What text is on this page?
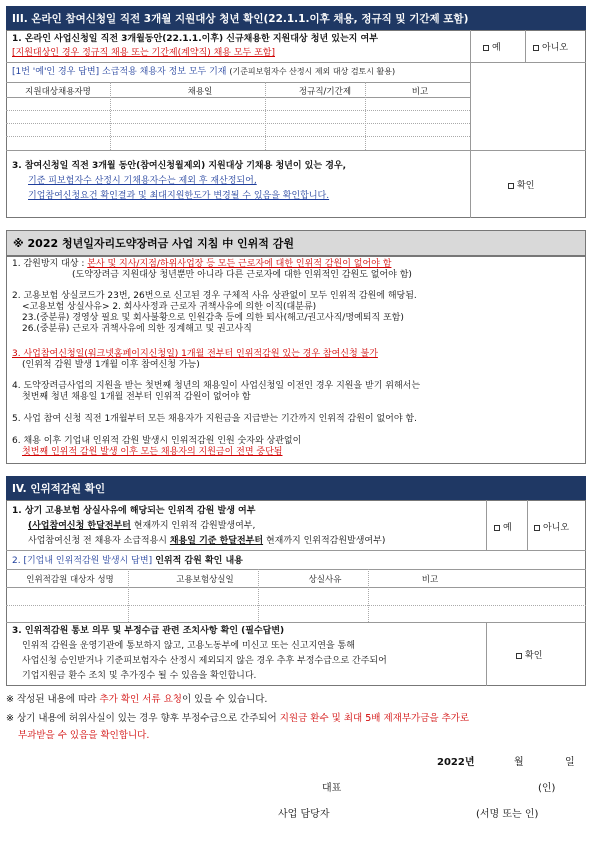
III. 온라인 참여신청일 직전 3개월 지원대상 청년 확인(22.1.1.이후 채용, 정규직 및 기간제 포함)
1. 온라인 사업신청일 직전 3개월동안(22.1.1.이후) 신규채용한 지원대상 청년 있는지 여부
[지원대상인 경우 정규직 채용 또는 기간제(계약직) 채용 모두 포함]	예	아니오
[1번 '예'인 경우 답변] 소급적용 채용자 정보 모두 기재 (기준피보험자수 산정시 제외 대상 검토시 활용)
지원대상채용자명	채용일	정규직/기간제	비고
3. 참여신청일 직전 3개월 동안(참여신청월제외) 지원대상 기채용 청년이 있는 경우,
기준 피보험자수 산정시 기채용자수는 제외 후 재산정되어,
기업참여신청요건 확인결과 및 최대지원한도가 변경될 수 있음을 확인합니다.
확인
※ 2022 청년일자리도약장려금 사업 지침 中 인위적 감원
1. 감원방지 대상 : 본사 및 지사/지점/하위사업장 등 모든 근로자에 대한 인위적 감원이 없어야 함
(도약장려금 지원대상 청년뿐만 아니라 다른 근로자에 대한 인위적인 감원도 없어야 함)
2. 고용보험 상실코드가 23번, 26번으로 신고된 경우 구체적 사유 상관없이 모두 인위적 감원에 해당됨.
<고용보험 상실사유> 2. 회사사정과 근로자 귀책사유에 의한 이직(대분류)
23.(중분류) 경영상 필요 및 회사불황으로 인원감축 등에 의한 퇴사(해고/권고사직/명예퇴직 포함)
26.(중분류) 근로자 귀책사유에 의한 징계해고 및 권고사직
3. 사업참여신청일(워크넷홈페이지신청일) 1개월 전부터 인위적감원 있는 경우 참여신청 불가
(인위적 감원 발생 1개월 이후 참여신청 가능)
4. 도약장려금사업의 지원을 받는 첫번째 청년의 채용일이 사업신청일 이전인 경우 지원을 받기 위해서는
첫번째 청년 채용일 1개월 전부터 인위적 감원이 없어야 함
5. 사업 참여 신청 직전 1개월부터 모든 채용자가 지원금을 지급받는 기간까지 인위적 감원이 없어야 함.
6. 채용 이후 기업내 인위적 감원 발생시 인위적감원 인원 숫자와 상관없이
첫번째 인위적 감원 발생 이후 모든 채용자의 지원금이 전면 중단됨
IV. 인위적감원 확인
1. 상기 고용보험 상실사유에 해당되는 인위적 감원 발생 여부
(사업참여신청 한달전부터 현재까지 인위적 감원발생여부,
사업참여신청 전 채용자 소급적용시 채용일 기준 한달전부터 현재까지 인위적감원발생여부)
예	아니오
2. [기업내 인위적감원 발생시 답변] 인위적 감원 확인 내용
인위적감원 대상자 성명	고용보험상실일	상실사유	비고
3. 인위적감원 통보 의무 및 부정수급 관련 조치사항 확인 (필수답변)
인위적 감원을 운영기관에 통보하지 않고, 고용노동부에 미신고 또는 신고지연을 통해
사업신청 승인받거나 기준피보험자수 산정시 제외되지 않은 경우 추후 부정수급으로 간주되어
기업지원금 환수 조치 및 추가징수 될 수 있음을 확인합니다.
확인
※ 작성된 내용에 따라 추가 확인 서류 요청이 있을 수 있습니다.
※ 상기 내용에 허위사실이 있는 경우 향후 부정수급으로 간주되어 지원금 환수 및 최대 5배 제재부가금을 추가로
부과받을 수 있음을 확인합니다.
2022년	월	일
대표	(인)
사업 담당자	(서명 또는 인)
